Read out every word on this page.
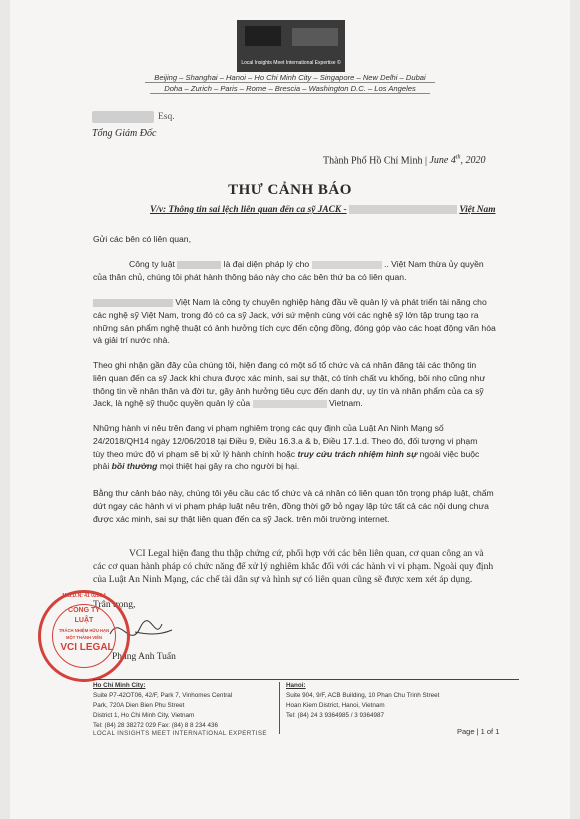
Local Insights Meet International Expertise ©
Beijing – Shanghai – Hanoi – Ho Chi Minh City – Singapore – New Delhi – Dubai
Doha – Zurich – Paris – Rome – Brescia – Washington D.C. – Los Angeles
Esq.
Tổng Giám Đốc
Thành Phố Hồ Chí Minh | June 4th, 2020
THƯ CẢNH BÁO
V/v: Thông tin sai lệch liên quan đến ca sỹ JACK -	Việt Nam
Gửi các bên có liên quan,
Công ty luật	là đại diện pháp lý cho	.. Việt Nam thừa ủy quyền
của thân chủ, chúng tôi phát hành thông báo này cho các bên thứ ba có liên quan.
Việt Nam là công ty chuyên nghiệp hàng đầu về quản lý và phát triển tài năng cho
các nghệ sỹ Việt Nam, trong đó có ca sỹ Jack, với sứ mệnh cùng với các nghệ sỹ lớn tập trung tạo ra
những sản phẩm nghệ thuật có ảnh hưởng tích cực đến cộng đồng, đóng góp vào các hoạt động văn hóa
và giải trí nước nhà.
Theo ghi nhận gần đây của chúng tôi, hiện đang có một số tổ chức và cá nhân đăng tải các thông tin
liên quan đến ca sỹ Jack khi chưa được xác minh, sai sự thật, có tính chất vu khống, bôi nhọ cũng như
thông tin về nhân thân và đời tư, gây ảnh hưởng tiêu cực đến danh dự, uy tín và nhân phẩm của ca sỹ
Jack, là nghệ sỹ thuộc quyền quản lý của	Vietnam.
Những hành vi nêu trên đang vi phạm nghiêm trọng các quy định của Luật An Ninh Mạng số
24/2018/QH14 ngày 12/06/2018 tại Điều 9, Điều 16.3.a & b, Điều 17.1.d. Theo đó, đối tượng vi phạm
tùy theo mức độ vi phạm sẽ bị xử lý hành chính hoặc truy cứu trách nhiệm hình sự ngoài việc buộc
phải bồi thường mọi thiệt hại gây ra cho người bị hại.
Bằng thư cảnh báo này, chúng tôi yêu cầu các tổ chức và cá nhân có liên quan tôn trọng pháp luật, chấm
dứt ngay các hành vi vi phạm pháp luật nêu trên, đồng thời gỡ bỏ ngay lập tức tất cả các nội dung chưa
được xác minh, sai sự thật liên quan đến ca sỹ Jack. trên môi trường internet.
VCI Legal hiện đang thu thập chứng cứ, phối hợp với các bên liên quan, cơ quan công an và
các cơ quan hành pháp có chức năng để xử lý nghiêm khắc đối với các hành vi vi phạm. Ngoài quy định
của Luật An Ninh Mạng, các chế tài dân sự và hình sự có liên quan cũng sẽ được xem xét áp dụng.
Trân trọng,
Phùng Anh Tuấn
M.S.D.N: 41 0280 *
CÔNG TY
LUẬT
TRÁCH NHIỆM HỮU HẠN
MỘT THÀNH VIÊN
VCI LEGAL
Ho Chi Minh City:
Suite P7-42OT06, 42/F, Park 7, Vinhomes Central
Park, 720A Dien Bien Phu Street
District 1, Ho Chi Minh City, Vietnam
Tel: (84) 28 38272 029 Fax: (84) 8 8 234 436
Hanoi:
Suite 904, 9/F, ACB Building, 10 Phan Chu Trinh Street
Hoan Kiem District, Hanoi, Vietnam
Tel: (84) 24 3 9364985 / 3 9364987
LOCAL INSIGHTS MEET INTERNATIONAL EXPERTISE	Page | 1 of 1
